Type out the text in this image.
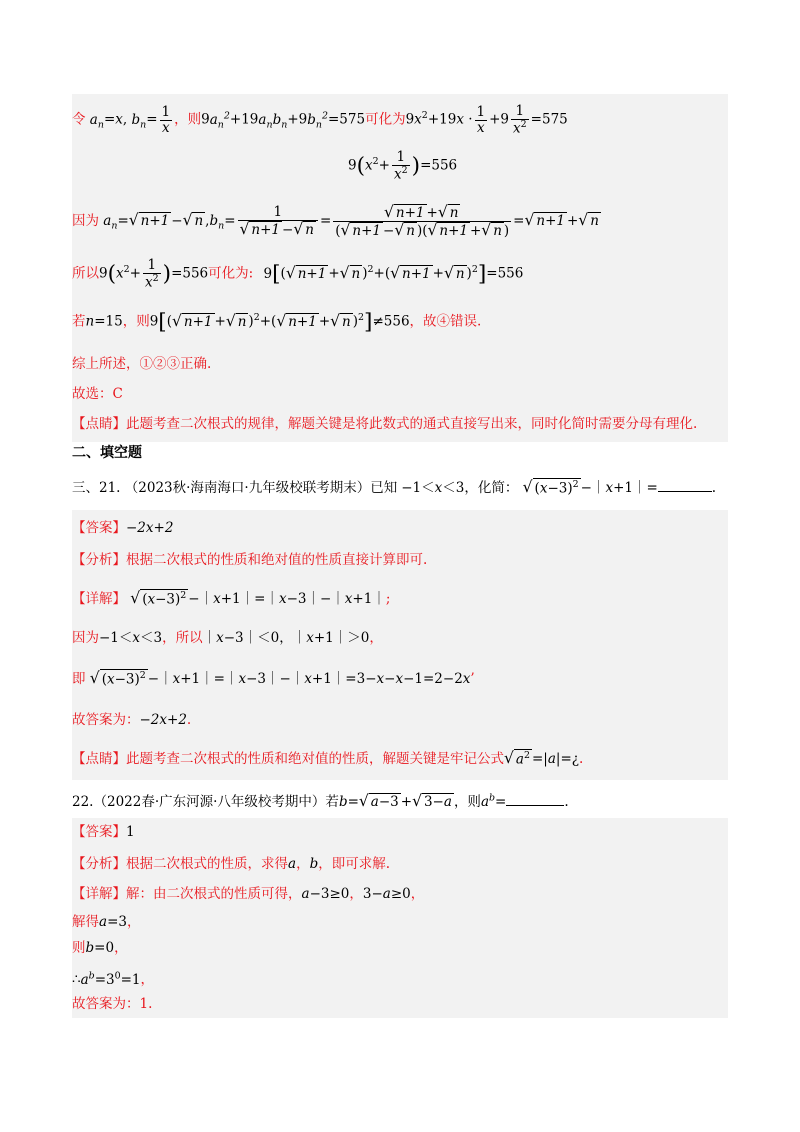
令 $a_n=x$, $b_n= \frac{1}{x}$ ，则$9a_n^2+19a_nb_n+9b_n^2=575$可化为$9x^2+19x \cdot \frac{1}{x} +9 \frac{1}{x^2} =575$
$9(x^2+ \frac{1}{x^2} )=556$
因为 $a_n=√$ n+1 −√ n $,b_n= \frac{1}{√ n+1 -√ n} = \frac{√ n+1 +√ n}{(√ n+1 -√ n )(√ n+1 +√ n )}$ =√ n+1 +√ n
所以$9(x^2+ \frac{1}{x^2} )=556$可化为: 9[(√ n+1 +√ n )$^2$+(√ n+1 +√ n )$^2$]=556
若n=15，则9[(√ n+1 +√ n )$^2$+(√ n+1 +√ n )$^2$]≠556，故④错误.
综上所述，①②③正确.
故选：C
【点睛】此题考查二次根式的规律，解题关键是将此数式的通式直接写出来，同时化简时需要分母有理化.
二、填空题
三、21. （2023秋·海南海口·九年级校联考期末）已知 −1＜x＜3，化简： √ $(x-3)^2$ −｜x+1｜=	.
【答案】−2x+2
【分析】根据二次根式的性质和绝对值的性质直接计算即可.
【详解】 √ $(x-3)^2$ −｜x+1｜=｜x−3｜−｜x+1｜;
因为−1＜x＜3，所以｜x−3｜＜0，｜x+1｜＞0，
即 √ $(x-3)^2$ −｜x+1｜=｜x−3｜−｜x+1｜=3−x−x−1=2−2x’
故答案为：−2x+2.
【点睛】此题考查二次根式的性质和绝对值的性质，解题关键是牢记公式√ $a^2$ =|a|=¿.
22.（2022春·广东河源·八年级校考期中）若b=√ a−3 +√ 3−a ，则$a^b=$	.
【答案】1
【分析】根据二次根式的性质，求得a，b，即可求解.
【详解】解：由二次根式的性质可得，a−3≥0，3−a≥0，
解得a=3，
则b=0，
$\therefore a^b=3^0=1$，
故答案为：1.
